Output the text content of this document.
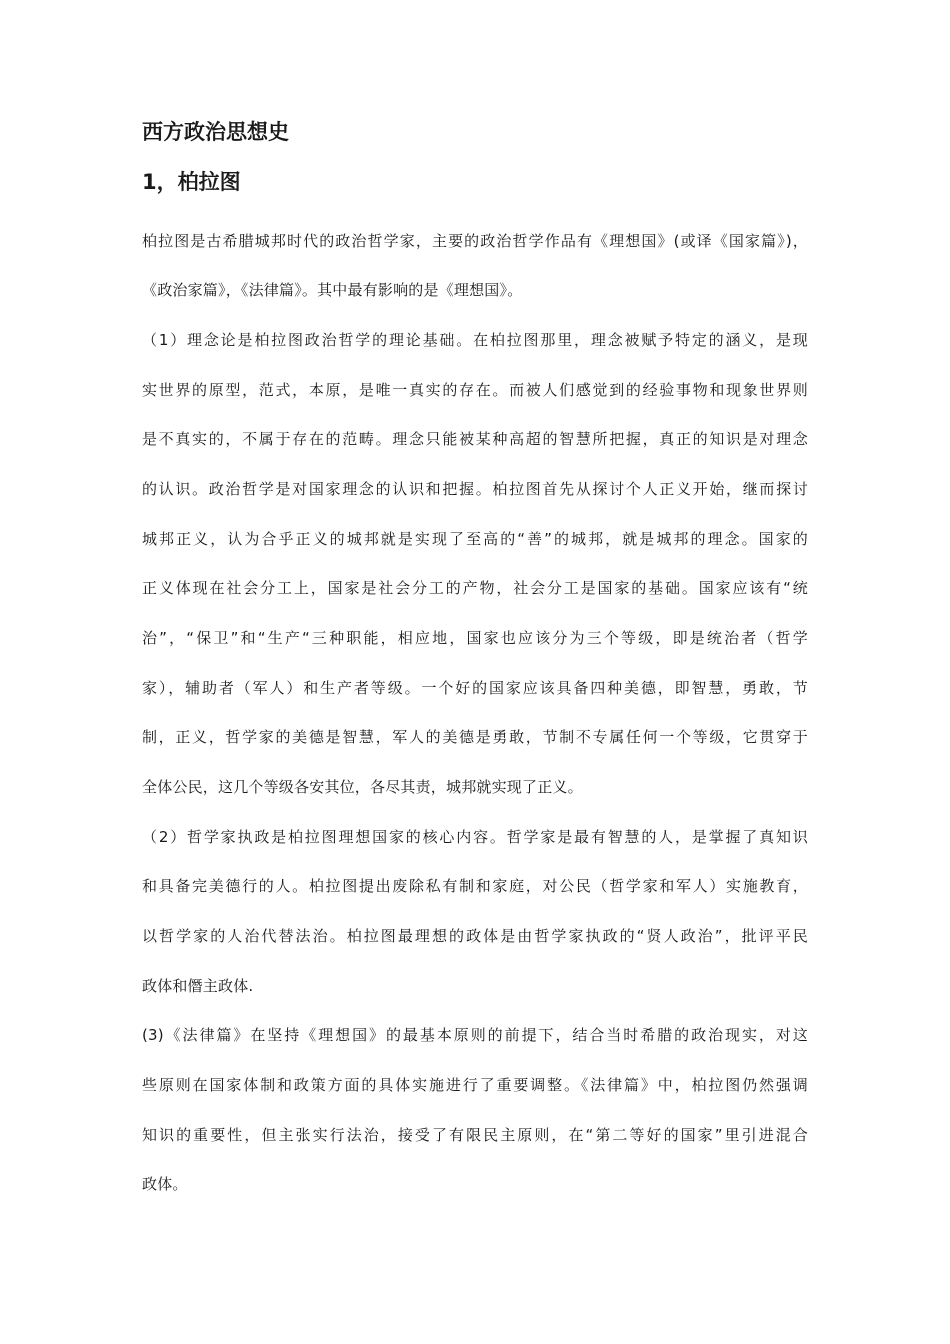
西方政治思想史
1，柏拉图
柏拉图是古希腊城邦时代的政治哲学家，主要的政治哲学作品有《理想国》(或译《国家篇》)，
《政治家篇》，《法律篇》。其中最有影响的是《理想国》。
（1）理念论是柏拉图政治哲学的理论基础。在柏拉图那里，理念被赋予特定的涵义，是现
实世界的原型，范式，本原，是唯一真实的存在。而被人们感觉到的经验事物和现象世界则
是不真实的，不属于存在的范畴。理念只能被某种高超的智慧所把握，真正的知识是对理念
的认识。政治哲学是对国家理念的认识和把握。柏拉图首先从探讨个人正义开始，继而探讨
城邦正义，认为合乎正义的城邦就是实现了至高的“善”的城邦，就是城邦的理念。国家的
正义体现在社会分工上，国家是社会分工的产物，社会分工是国家的基础。国家应该有“统
治”，“保卫”和“生产“三种职能，相应地，国家也应该分为三个等级，即是统治者（哲学
家），辅助者（军人）和生产者等级。一个好的国家应该具备四种美德，即智慧，勇敢，节
制，正义，哲学家的美德是智慧，军人的美德是勇敢，节制不专属任何一个等级，它贯穿于
全体公民，这几个等级各安其位，各尽其责，城邦就实现了正义。
（2）哲学家执政是柏拉图理想国家的核心内容。哲学家是最有智慧的人，是掌握了真知识
和具备完美德行的人。柏拉图提出废除私有制和家庭，对公民（哲学家和军人）实施教育，
以哲学家的人治代替法治。柏拉图最理想的政体是由哲学家执政的“贤人政治”，批评平民
政体和僭主政体.
(3)《法律篇》在坚持《理想国》的最基本原则的前提下，结合当时希腊的政治现实，对这
些原则在国家体制和政策方面的具体实施进行了重要调整。《法律篇》中，柏拉图仍然强调
知识的重要性，但主张实行法治，接受了有限民主原则，在“第二等好的国家”里引进混合
政体。
